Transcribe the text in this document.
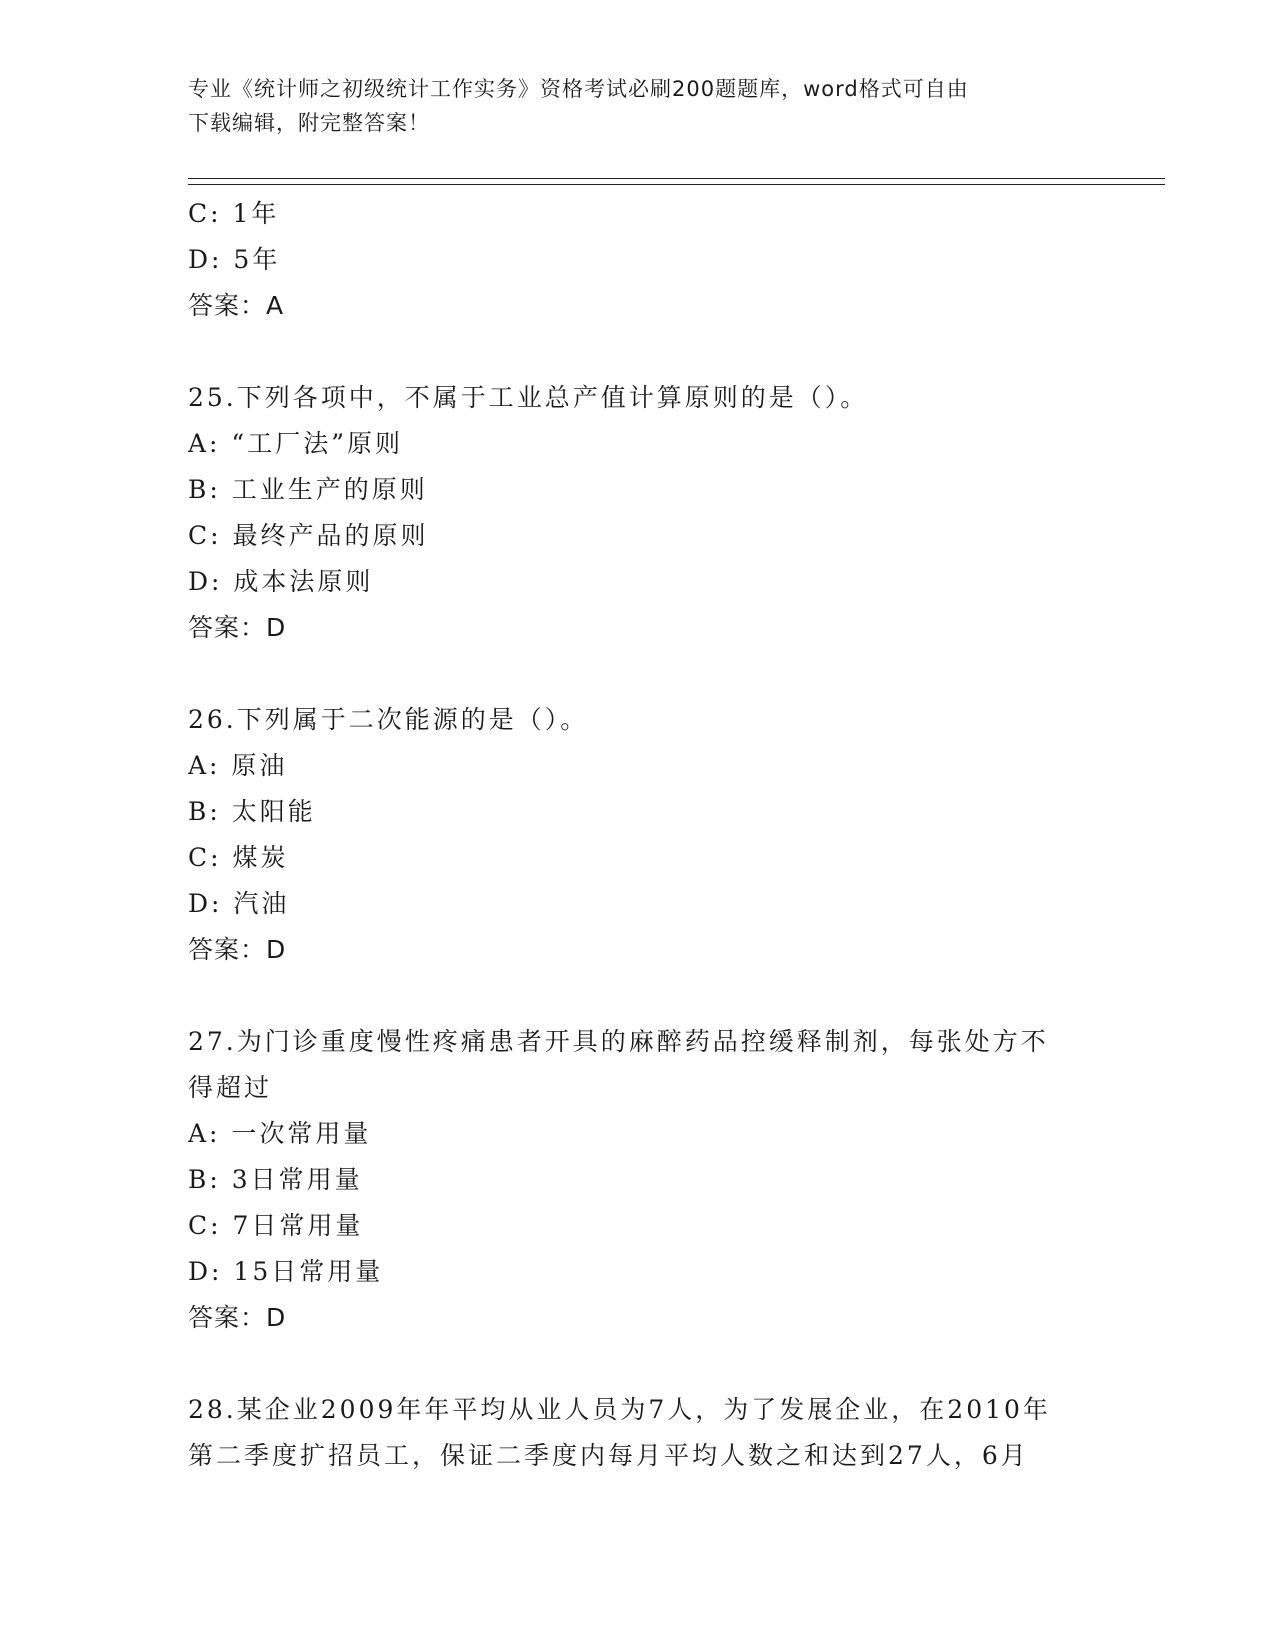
专业《统计师之初级统计工作实务》资格考试必刷200题题库，word格式可自由
下载编辑，附完整答案！
C: 1年
D: 5年
答案：A
25.下列各项中，不属于工业总产值计算原则的是（）。
A: “工厂法”原则
B: 工业生产的原则
C: 最终产品的原则
D: 成本法原则
答案：D
26.下列属于二次能源的是（）。
A: 原油
B: 太阳能
C: 煤炭
D: 汽油
答案：D
27.为门诊重度慢性疼痛患者开具的麻醉药品控缓释制剂，每张处方不
得超过
A: 一次常用量
B: 3日常用量
C: 7日常用量
D: 15日常用量
答案：D
28.某企业2009年年平均从业人员为7人，为了发展企业，在2010年
第二季度扩招员工，保证二季度内每月平均人数之和达到27人，6月
